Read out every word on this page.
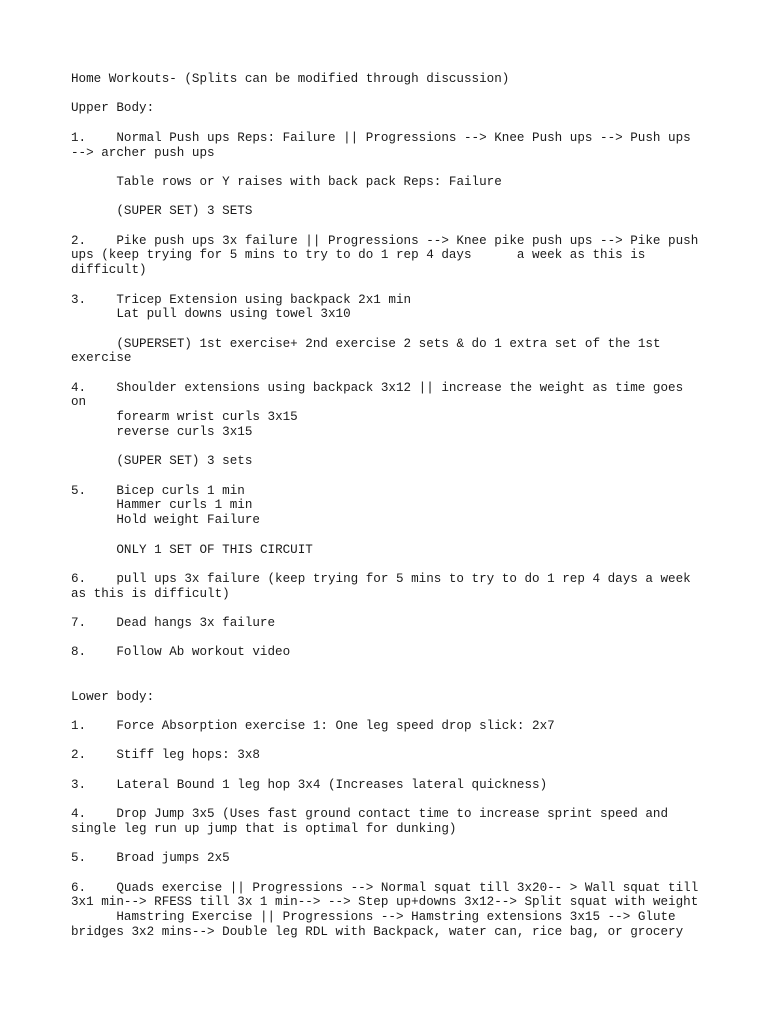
Home Workouts- (Splits can be modified through discussion)

Upper Body:

1.    Normal Push ups Reps: Failure || Progressions --> Knee Push ups --> Push ups
--> archer push ups

Table rows or Y raises with back pack Reps: Failure

(SUPER SET) 3 SETS

2.    Pike push ups 3x failure || Progressions --> Knee pike push ups --> Pike push
ups (keep trying for 5 mins to try to do 1 rep 4 days      a week as this is
difficult)

3.    Tricep Extension using backpack 2x1 min
Lat pull downs using towel 3x10

(SUPERSET) 1st exercise+ 2nd exercise 2 sets & do 1 extra set of the 1st
exercise

4.    Shoulder extensions using backpack 3x12 || increase the weight as time goes
on
forearm wrist curls 3x15
reverse curls 3x15

(SUPER SET) 3 sets

5.    Bicep curls 1 min
Hammer curls 1 min
Hold weight Failure

ONLY 1 SET OF THIS CIRCUIT

6.    pull ups 3x failure (keep trying for 5 mins to try to do 1 rep 4 days a week
as this is difficult)

7.    Dead hangs 3x failure

8.    Follow Ab workout video

Lower body:

1.    Force Absorption exercise 1: One leg speed drop slick: 2x7

2.    Stiff leg hops: 3x8

3.    Lateral Bound 1 leg hop 3x4 (Increases lateral quickness)

4.    Drop Jump 3x5 (Uses fast ground contact time to increase sprint speed and
single leg run up jump that is optimal for dunking)

5.    Broad jumps 2x5

6.    Quads exercise || Progressions --> Normal squat till 3x20-- > Wall squat till
3x1 min--> RFESS till 3x 1 min--> --> Step up+downs 3x12--> Split squat with weight
Hamstring Exercise || Progressions --> Hamstring extensions 3x15 --> Glute
bridges 3x2 mins--> Double leg RDL with Backpack, water can, rice bag, or grocery
